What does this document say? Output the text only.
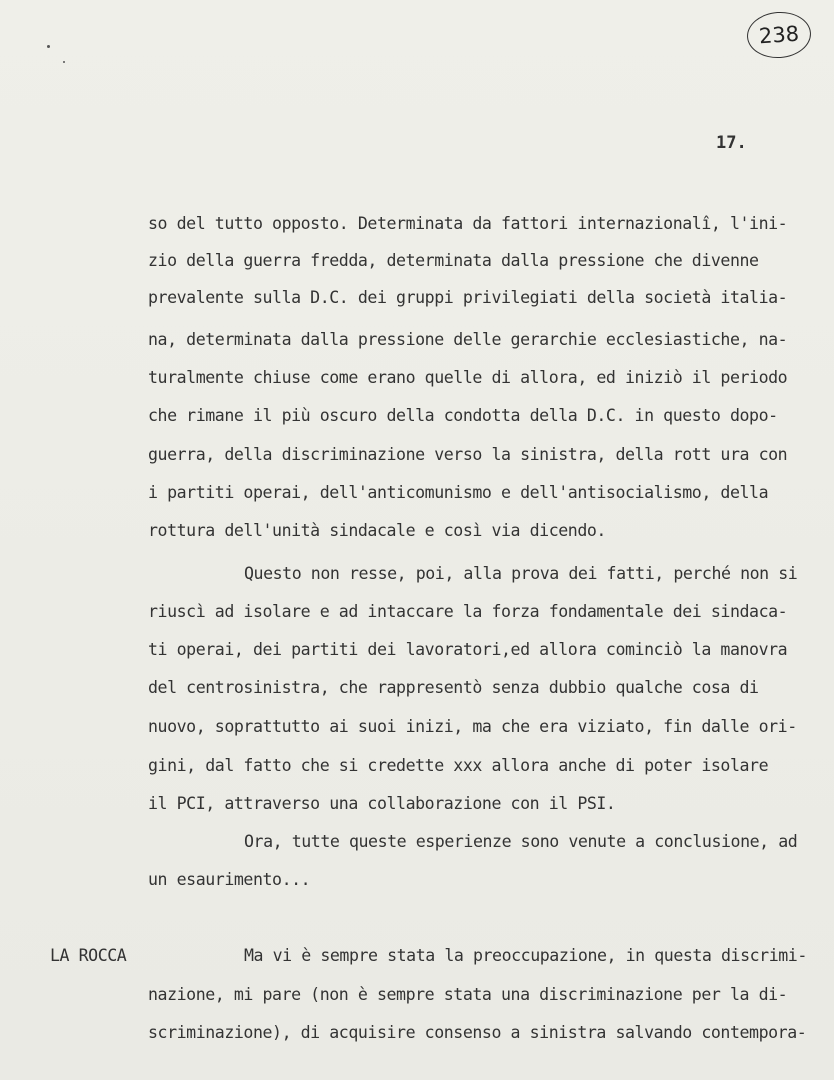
238
17.
so del tutto opposto. Determinata da fattori internazionalî, l'ini-
zio della guerra fredda, determinata dalla pressione che divenne
prevalente sulla D.C. dei gruppi privilegiati della società italia-
na, determinata dalla pressione delle gerarchie ecclesiastiche, na-
turalmente chiuse come erano quelle di allora, ed iniziò il periodo
che rimane il più oscuro della condotta della D.C. in questo dopo-
guerra, della discriminazione verso la sinistra, della rott ura con
i partiti operai, dell'anticomunismo e dell'antisocialismo, della
rottura dell'unità sindacale e così via dicendo.
Questo non resse, poi, alla prova dei fatti, perché non si
riuscì ad isolare e ad intaccare la forza fondamentale dei sindaca-
ti operai, dei partiti dei lavoratori,ed allora cominciò la manovra
del centrosinistra, che rappresentò senza dubbio qualche cosa di
nuovo, soprattutto ai suoi inizi, ma che era viziato, fin dalle ori-
gini, dal fatto che si credette xxx allora anche di poter isolare
il PCI, attraverso una collaborazione con il PSI.
Ora, tutte queste esperienze sono venute a conclusione, ad
un esaurimento...
LA ROCCA	Ma vi è sempre stata la preoccupazione, in questa discrimi-
nazione, mi pare (non è sempre stata una discriminazione per la di-
scriminazione), di acquisire consenso a sinistra salvando contempora-
